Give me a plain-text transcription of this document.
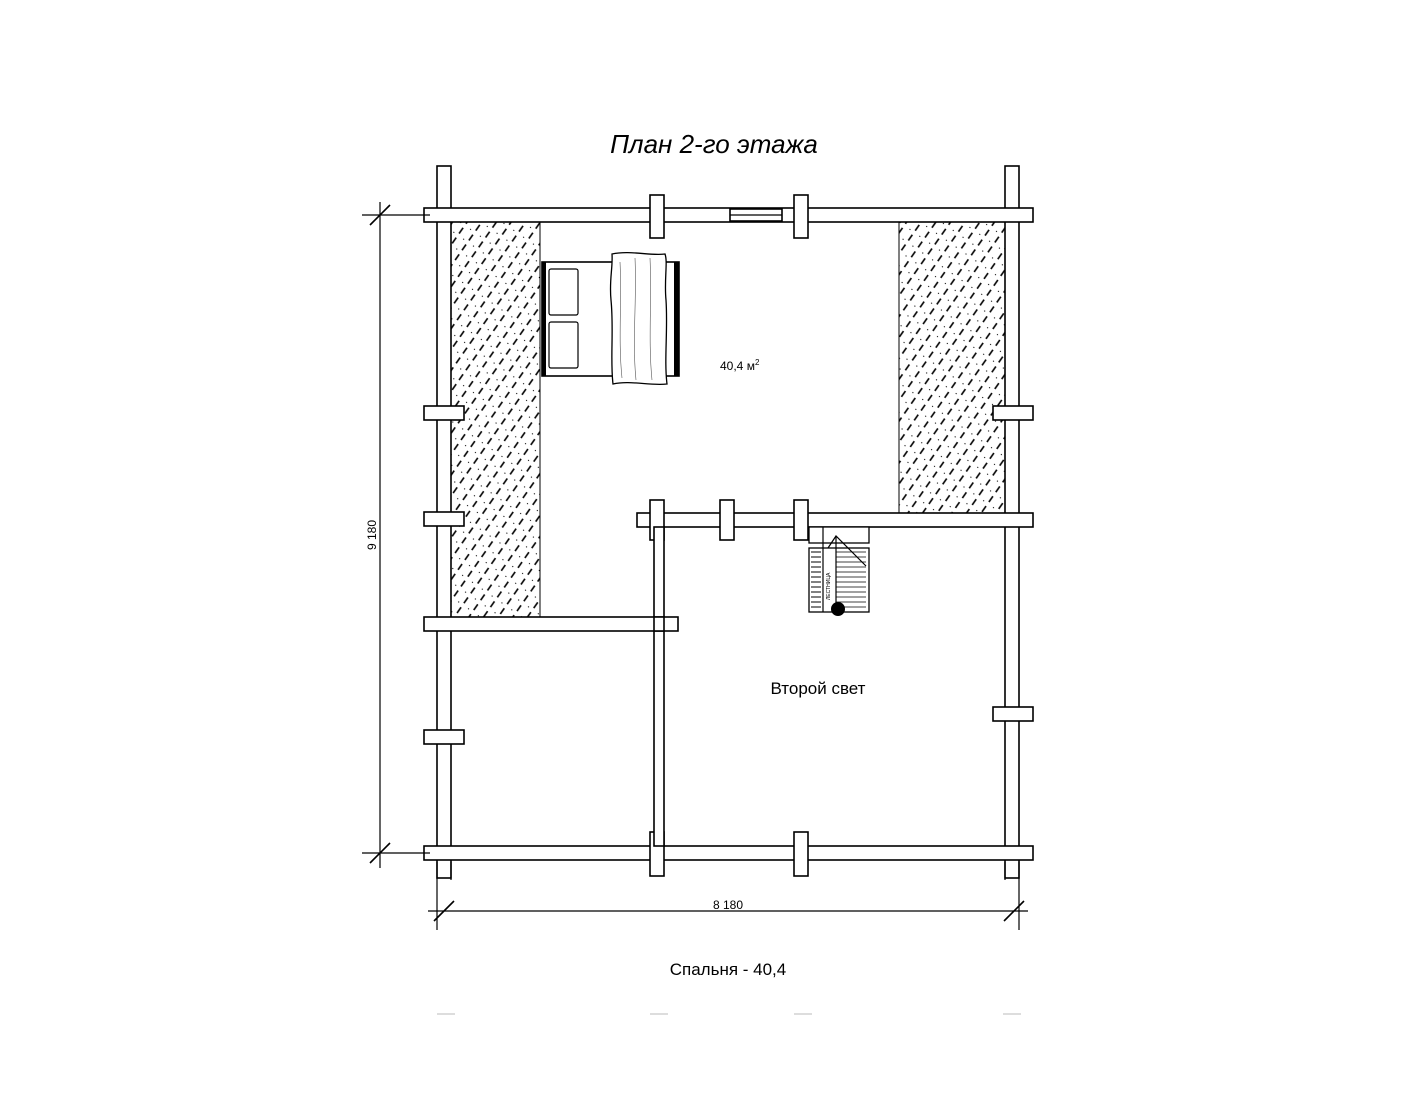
План 2-го этажа
40,4 $м^2$
ЛЕСТНИЦА
Второй свет
9 180
8 180
Спальня - 40,4
